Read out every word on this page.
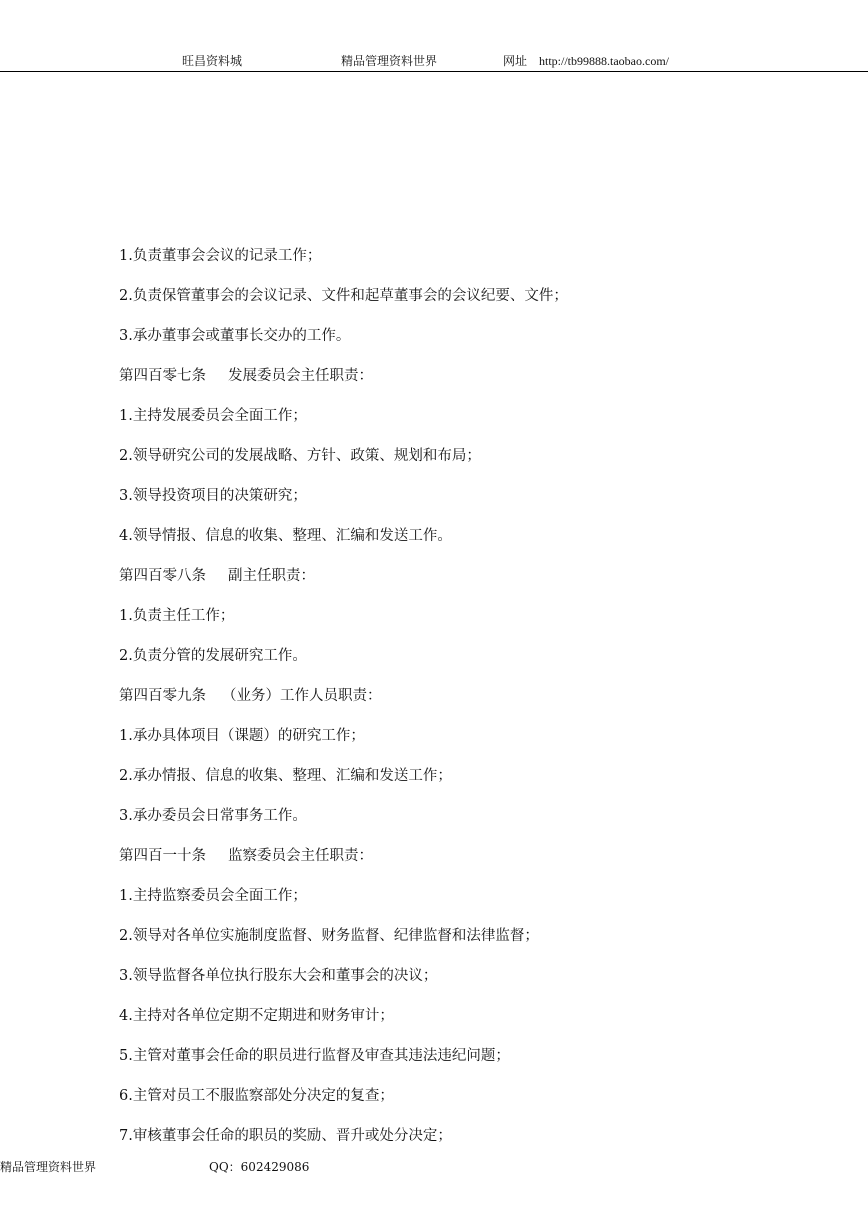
旺昌资料城	精品管理资料世界	网址 http://tb99888.taobao.com/
1.负责董事会会议的记录工作；
2.负责保管董事会的会议记录、文件和起草董事会的会议纪要、文件；
3.承办董事会或董事长交办的工作。
第四百零七条 发展委员会主任职责：
1.主持发展委员会全面工作；
2.领导研究公司的发展战略、方针、政策、规划和布局；
3.领导投资项目的决策研究；
4.领导情报、信息的收集、整理、汇编和发送工作。
第四百零八条 副主任职责：
1.负责主任工作；
2.负责分管的发展研究工作。
第四百零九条 （业务）工作人员职责：
1.承办具体项目（课题）的研究工作；
2.承办情报、信息的收集、整理、汇编和发送工作；
3.承办委员会日常事务工作。
第四百一十条 监察委员会主任职责：
1.主持监察委员会全面工作；
2.领导对各单位实施制度监督、财务监督、纪律监督和法律监督；
3.领导监督各单位执行股东大会和董事会的决议；
4.主持对各单位定期不定期进和财务审计；
5.主管对董事会任命的职员进行监督及审查其违法违纪问题；
6.主管对员工不服监察部处分决定的复查；
7.审核董事会任命的职员的奖励、晋升或处分决定；
精品管理资料世界	QQ：602429086
